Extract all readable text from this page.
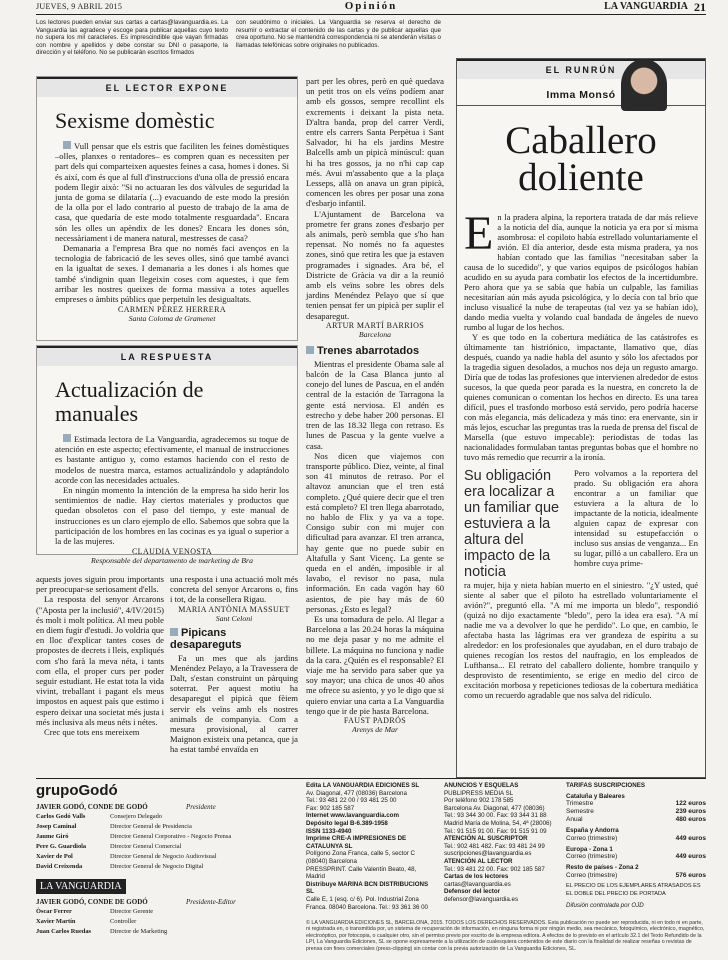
JUEVES, 9 ABRIL 2015	Opinión	LA VANGUARDIA 21
Los lectores pueden enviar sus cartas a cartas@lavanguardia.es. La Vanguardia las agradece y escoge para publicar aquellas cuyo texto no supera los mil caracteres. Es imprescindible que vayan firmadas con nombre y apellidos y debe constar su DNI o pasaporte, la dirección y el teléfono. No se publicarán escritos firmados
con seudónimo o iniciales. La Vanguardia se reserva el derecho de resumir o extractar el contenido de las cartas y de publicar aquellas que crea oportuno. No se mantendrá correspondencia ni se atenderán visitas o llamadas telefónicas sobre originales no publicados.
EL LECTOR EXPONE
Sexisme domèstic

Vull pensar que els estris que faciliten les feines domèstiques –olles, planxes o rentadores– es compren quan es necessiten per part dels qui comparteixen aquestes feines a casa, homes i dones. Si és així, com és que al full d'instruccions d'una olla de pressió encara podem llegir això: "Si no actuaran les dos vàlvules de seguridad la junta de goma se dilataría (...) evacuando de este modo la presión de la olla por el lado contrario al puesto de trabajo de la ama de casa, que quedaría de este modo totalmente resguardada". Encara són les olles un apèndix de les dones? Encara les dones són, necessàriament i de manera natural, mestresses de casa?

Demanaria a l'empresa Bra que no només faci avenços en la tecnologia de fabricació de les seves olles, sinó que també avanci en la igualtat de sexes. I demanaria a les dones i als homes que també s'indignin quan llegeixin coses com aquestes, i que fem arribar les nostres queixes de forma massiva a totes aquelles empreses o àmbits públics que perpetuïn les desigualtats.

CARMEN PÉREZ HERRERA
Santa Coloma de Gramenet
LA RESPUESTA
Actualización de manuales

Estimada lectora de La Vanguardia, agradecemos su toque de atención en este aspecto; efectivamente, el manual de instrucciones es bastante antiguo y, como estamos haciendo con el resto de modelos de nuestra marca, estamos actualizándolo y adaptándolo acorde con las necesidades actuales.

En ningún momento la intención de la empresa ha sido herir los sentimientos de nadie. Hay ciertos materiales y productos que quedan obsoletos con el paso del tiempo, y este manual de instrucciones es un claro ejemplo de ello. Sabemos que sobra que la participación de los hombres en las cocinas es ya igual o superior a la de las mujeres.

CLAUDIA VENOSTA
Responsable del departamento de marketing de Bra

part per les obres, però en què quedava un petit tros on els veïns podíem anar amb els gossos, sempre recollint els excrements i deixant la pista neta. D'altra banda, prop del carrer Verdi, entre els carrers Santa Perpètua i Sant Salvador, hi ha els jardins Mestre Balcells amb un pipicà minúscul: quan hi ha tres gossos, ja no n'hi cap cap més. Avui m'assabento que a la plaça Lesseps, allà on anava un gran pipicà, comencen les obres per posar una zona d'esbarjo infantil.

L'Ajuntament de Barcelona va prometre fer grans zones d'esbarjo per als animals, però sembla que s'ho han repensat. No només no fa aquestes zones, sinó que retira les que ja estaven programades i signades. Ara bé, el Districte de Gràcia va dir a la reunió amb els veïns sobre les obres dels jardins Menéndez Pelayo que sí que tenien pensat fer un pipicà per suplir el desaparegut.

ARTUR MARTÍ BARRIOS
Barcelona
Trenes abarrotados

Mientras el presidente Obama sale al balcón de la Casa Blanca junto al conejo del lunes de Pascua, en el andén central de la estación de Tarragona la gente está nerviosa. El andén es estrecho y debe haber 200 personas. El tren de las 18.32 llega con retraso. Es lunes de Pascua y la gente vuelve a casa.

Nos dicen que viajemos con transporte público. Diez, veinte, al final son 41 minutos de retraso. Por el altavoz anuncian que el tren está completo. ¿Qué quiere decir que el tren está completo? El tren llega abarrotado, no hablo de Flix y ya va a tope. Consigo subir con mi mujer con dificultad para avanzar. El tren arranca, hay gente que no puede subir en Altafulla y Sant Vicenç. La gente se queda en el andén, imposible ir al lavabo, el revisor no pasa, nula información. En cada vagón hay 60 asientos, de pie hay más de 60 personas. ¿Esto es legal?

Es una tomadura de pelo. Al llegar a Barcelona a las 20.24 horas la máquina no me deja pasar y no me admite el billete. La máquina no funciona y nadie da la cara. ¿Quién es el responsable? El viaje me ha servido para saber que ya soy mayor; una chica de unos 40 años me ofrece su asiento, y yo le digo que si quiero enviar una carta a La Vanguardia tengo que ir de pie hasta Barcelona.

FAUST PADRÓS
Arenys de Mar

aquests joves siguin prou importants per preocupar-se seriosament d'ells.

La resposta del senyor Arcarons ("Aposta per la inclusió", 4/IV/2015) és molt i molt política. Al meu poble en diem fugir d'estudi. Jo voldria que en lloc d'explicar tantes coses de propostes de decrets i lleis, expliqués com s'ho farà la meva néta, i tants com ella, el proper curs per poder seguir estudiant. He estat tota la vida vivint, treballant i pagant els meus impostos en aquest país que estimo i espero deixar una societat més justa i més inclusiva als meus néts i nétes.

Crec que tots ens mereixem

una resposta i una actuació molt més concreta del senyor Arcarons o, fins i tot, de la consellera Rigau.

MARIA ANTÒNIA MASSUET
Sant Celoni
Pipicans desapareguts

Fa un mes que als jardins Menéndez Pelayo, a la Travessera de Dalt, s'estan construint un pàrquing soterrat. Per aquest motiu ha desaparegut el pipicà que fèiem servir els veïns amb els nostres animals de companyia. Com a mesura provisional, al carrer Maignon existeix una petanca, que ja ha estat també envaïda en

EL RUNRÚN
Imma Monsó
Caballero doliente

En la pradera alpina, la reportera tratada de dar más relieve a la noticia del día, aunque la noticia ya era por sí misma asombrosa: el copiloto había estrellado voluntariamente el avión. El día anterior, desde esta misma pradera, ya nos habían contado que las familias "necesitaban saber la causa de lo sucedido", y que varios equipos de psicólogos habían acudido en su ayuda para combatir los efectos de la incertidumbre. Pero ahora que ya se sabía que había un culpable, las familias necesitarían aún más ayuda psicológica, y lo decía con tal brío que incluso visualicé la nube de terapeutas (tal vez ya se habían ido), dando media vuelta y volando cual bandada de ángeles de nuevo rumbo al lugar de los hechos.

Y es que todo en la cobertura mediática de las catástrofes es últimamente tan histriónico, impactante, llamativo que, días después, cuando ya nadie habla del asunto y sólo los afectados por la tragedia siguen desolados, a muchos nos deja un regusto amargo. Diría que de todas las profesiones que intervienen alrededor de estos sucesos, la que queda peor parada es la nuestra, en concreto la de quienes comunican o comentan los hechos en directo. Es una tarea difícil, pues el trasfondo morboso está servido, pero podría hacerse con más elegancia, más delicadeza y más tino: era enervante, sin ir más lejos, escuchar las preguntas tras la rueda de prensa del fiscal de Marsella (que estuvo impecable): periodistas de todas las nacionalidades formulaban tantas preguntas bobas que el hombre no tuvo más remedio que recurrir a la ironía.

Su obligación era localizar a un familiar que estuviera a la altura del impacto de la noticia
Pero volvamos a la reportera del prado. Su obligación era ahora encontrar a un familiar que estuviera a la altura de lo impactante de la noticia, idealmente alguien capaz de expresar con intensidad su estupefacción o incluso sus ansias de venganza... En su lugar, pilló a un caballero. Era un hombre cuya prime-

ra mujer, hija y nieta habían muerto en el siniestro. "¿Y usted, qué siente al saber que el piloto ha estrellado voluntariamente el avión?", preguntó ella. "A mí me importa un bledo", respondió (quizá no dijo exactamente "bledo", pero la idea era esa). "A mí nadie me va a devolver lo que he perdido". Lo que, en cambio, le afectaba hasta las lágrimas era ver grandeza de espíritu a su alrededor: en los profesionales que ayudaban, en el duro trabajo de quienes recogían los restos del naufragio, en los empleados de Lufthansa... El retrato del caballero doliente, hombre tranquilo y desprovisto de resentimiento, se erige en medio del circo de excitación morbosa y repeticiones tediosas de la cobertura mediática como un recuerdo agradable que nos salva del ridículo.

grupoGodó
JAVIER GODÓ, CONDE DE GODÓ	Presidente
Carlos Godó Valls	Consejero Delegado
Josep Caminal	Director General de Presidencia
Jaume Giró	Director General Corporativo - Negocio Prensa
Pere G. Guardiola	Director General Comercial
Xavier de Pol	Director General de Negocio Audiovisual
David Creixenda	Director General de Negocio Digital
LA VANGUARDIA
JAVIER GODÓ, CONDE DE GODÓ	Presidente-Editor
Òscar Ferrer	Director Gerente
Xavier Martín	Controller
Juan Carlos Ruedas	Director de Marketing
Edita LA VANGUARDIA EDICIONES SL
Av. Diagonal, 477 (08036) Barcelona
Tel.: 93 481 22 00 / 93 481 25 00
Fax: 902 185 587
Internet www.lavanguardia.com
Depósito legal B-6.389-1958
ISSN 1133-4940
Imprime CRE-A IMPRESIONES DE CATALUNYA SL
Polígono Zona Franca, calle 5, sector C
(08040) Barcelona
PRESSPRINT. Calle Valentín Beato, 48,
Madrid
Distribuye MARINA BCN DISTRIBUCIONS SL
Calle E, 1 (esq. c/ 6). Pol. Industrial Zona
Franca. 08040 Barcelona. Tel.: 93 361 36 00
ANUNCIOS Y ESQUELAS
PUBLIPRESS MEDIA SL
Por teléfono 902 178 585
Barcelona Av. Diagonal, 477 (08036)
Tel.: 93 344 30 00. Fax: 93 344 31 88
Madrid María de Molina, 54, 4ª (28006)
Tel.: 91 515 91 00. Fax: 91 515 91 09
ATENCIÓN AL SUSCRIPTOR
Tel.: 902 481 482. Fax: 93 481 24 99
suscripciones@lavanguardia.es
ATENCIÓN AL LECTOR
Tel.: 93 481 22 00. Fax: 902 185 587
Cartas de los lectores
cartas@lavanguardia.es
Defensor del lector
defensor@lavanguardia.es
TARIFAS SUSCRIPCIONES
Cataluña y Baleares
Trimestre	122 euros
Semestre	239 euros
Anual	480 euros
España y Andorra
Correo (trimestre)	449 euros
Europa - Zona 1
Correo (trimestre)	449 euros
Resto de países - Zona 2
Correo (trimestre)	576 euros
EL PRECIO DE LOS EJEMPLARES ATRASADOS ES EL DOBLE DEL PRECIO DE PORTADA
Difusión controlada por OJD
© LA VANGUARDIA EDICIONES SL, BARCELONA, 2015. TODOS LOS DERECHOS RESERVADOS. Esta publicación no puede ser reproducida, ni en todo ni en parte, ni registrada en, o transmitida por, un sistema de recuperación de información, en ninguna forma ni por ningún medio, sea mecánico, fotoquímico, electrónico, magnético, electroóptico, por fotocopia, o cualquier otro, sin el permiso previo por escrito de la empresa editora. A efectos de lo previsto en el artículo 32.1 del Texto Refundido de la LPI, La Vanguardia Ediciones, SL se opone expresamente a la utilización de cualesquiera contenidos de este diario con la finalidad de realizar reseñas o revistas de prensa con fines comerciales (press-clipping) sin contar con la previa autorización de La Vanguardia Ediciones, SL.
